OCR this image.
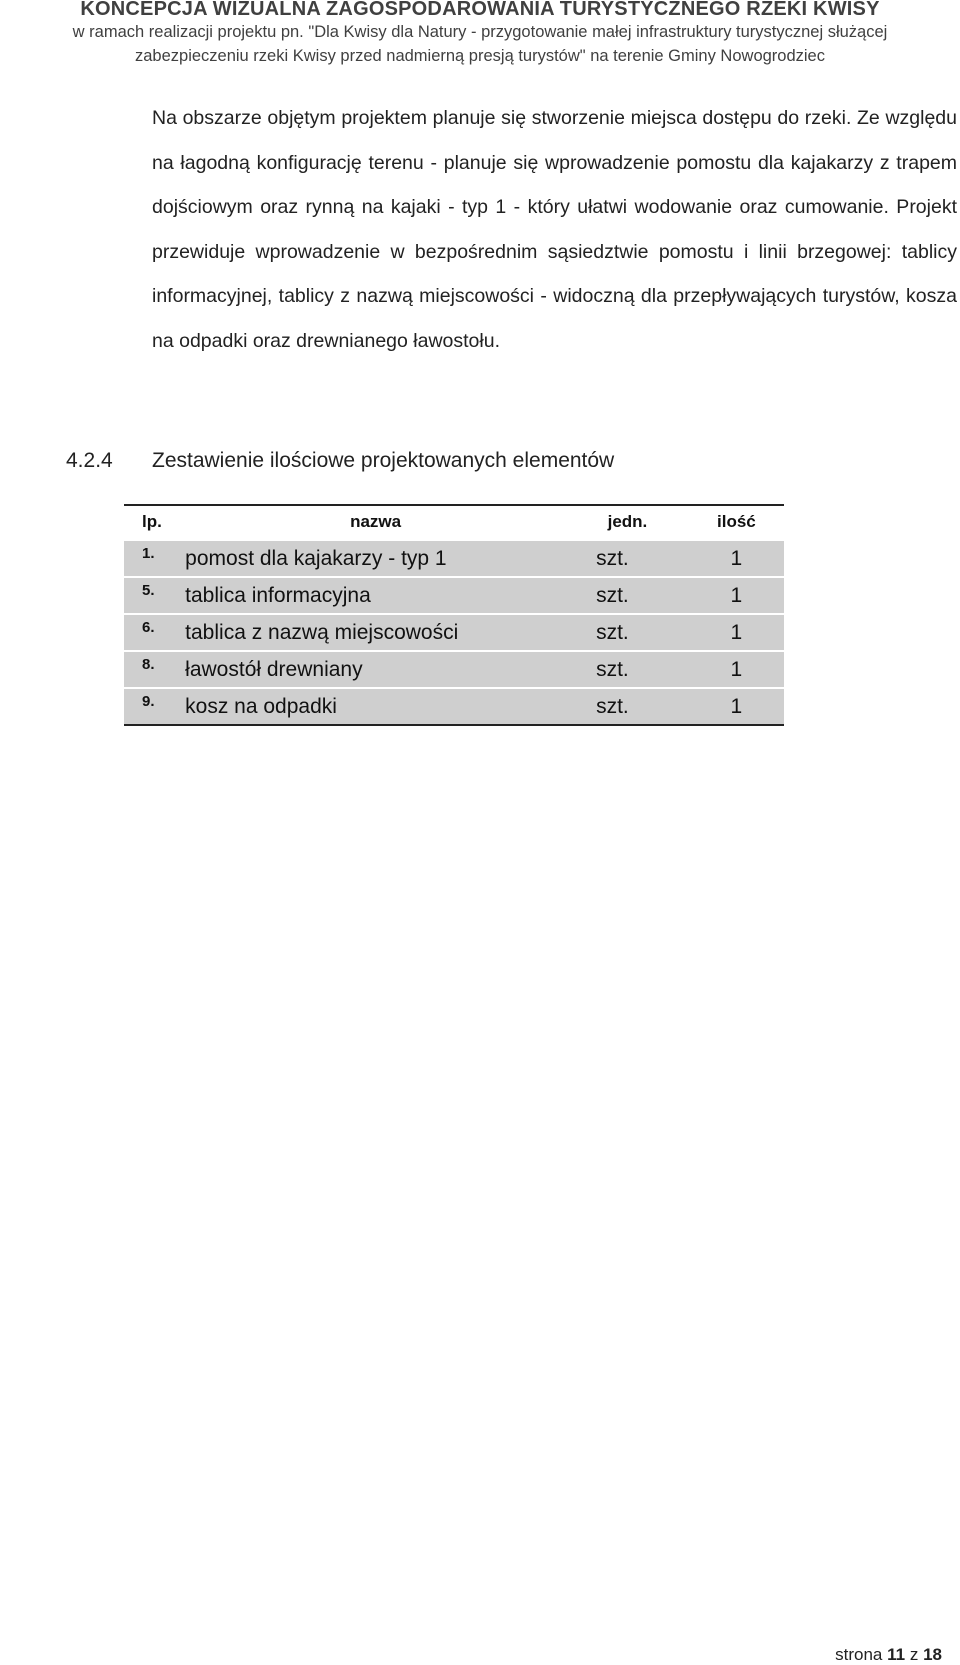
KONCEPCJA WIZUALNA ZAGOSPODAROWANIA TURYSTYCZNEGO RZEKI KWISY
w ramach realizacji projektu pn. "Dla Kwisy dla Natury - przygotowanie małej infrastruktury turystycznej służącej
zabezpieczeniu rzeki Kwisy przed nadmierną presją turystów" na terenie Gminy Nowogrodziec

Na obszarze objętym projektem planuje się stworzenie miejsca dostępu do rzeki. Ze względu na łagodną konfigurację terenu - planuje się wprowadzenie pomostu dla kajakarzy z trapem dojściowym oraz rynną na kajaki - typ 1 - który ułatwi wodowanie oraz cumowanie. Projekt przewiduje wprowadzenie w bezpośrednim sąsiedztwie pomostu i linii brzegowej: tablicy informacyjnej, tablicy z nazwą miejscowości - widoczną dla przepływających turystów, kosza na odpadki oraz drewnianego ławostołu.

4.2.4 Zestawienie ilościowe projektowanych elementów
lp.	nazwa	jedn.	ilość
1.	pomost dla kajakarzy - typ 1	szt.	1
5.	tablica informacyjna	szt.	1
6.	tablica z nazwą miejscowości	szt.	1
8.	ławostół drewniany	szt.	1
9.	kosz na odpadki	szt.	1
strona 11 z 18
